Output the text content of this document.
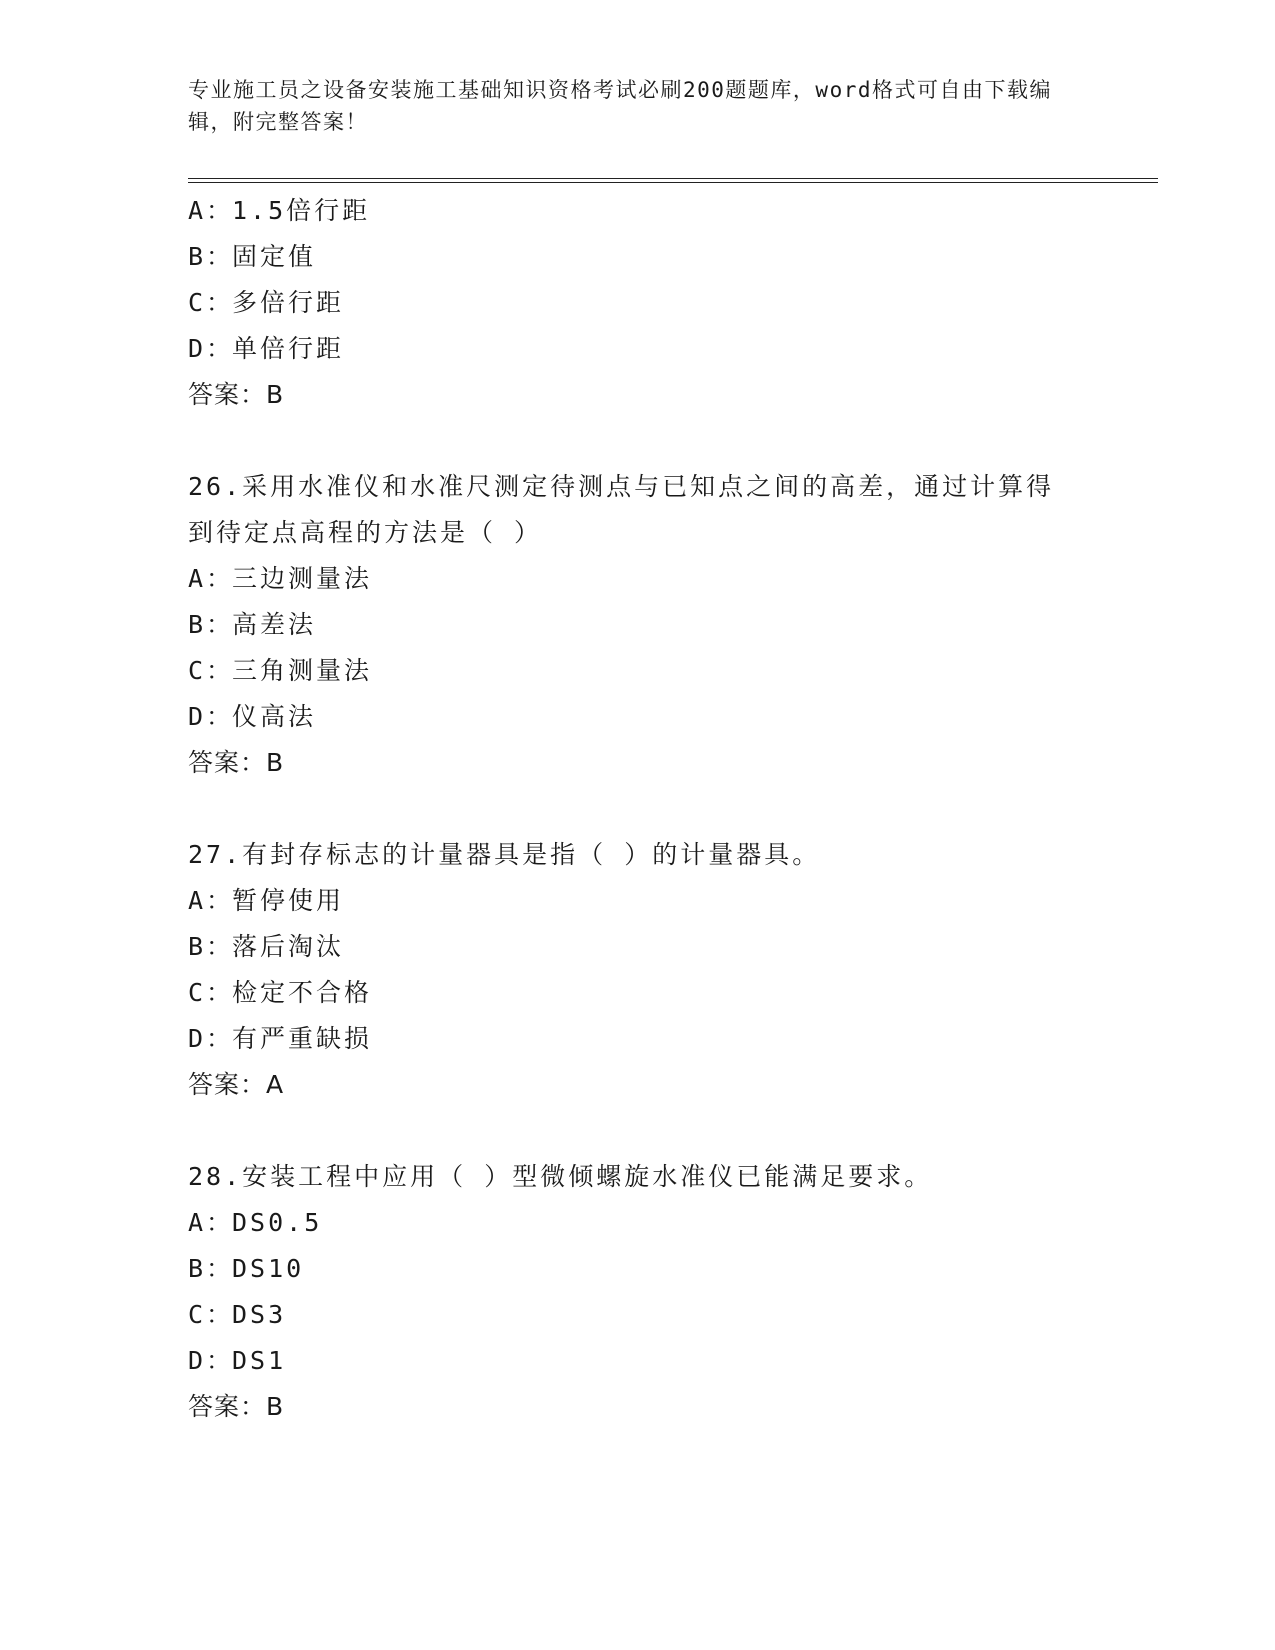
专业施工员之设备安装施工基础知识资格考试必刷200题题库，word格式可自由下载编辑，附完整答案！
A：1.5倍行距
B：固定值
C：多倍行距
D：单倍行距
答案：B
26.采用水准仪和水准尺测定待测点与已知点之间的高差，通过计算得到待定点高程的方法是（ ）
A：三边测量法
B：高差法
C：三角测量法
D：仪高法
答案：B
27.有封存标志的计量器具是指（ ）的计量器具。
A：暂停使用
B：落后淘汰
C：检定不合格
D：有严重缺损
答案：A
28.安装工程中应用（ ）型微倾螺旋水准仪已能满足要求。
A：DS0.5
B：DS10
C：DS3
D：DS1
答案：B
